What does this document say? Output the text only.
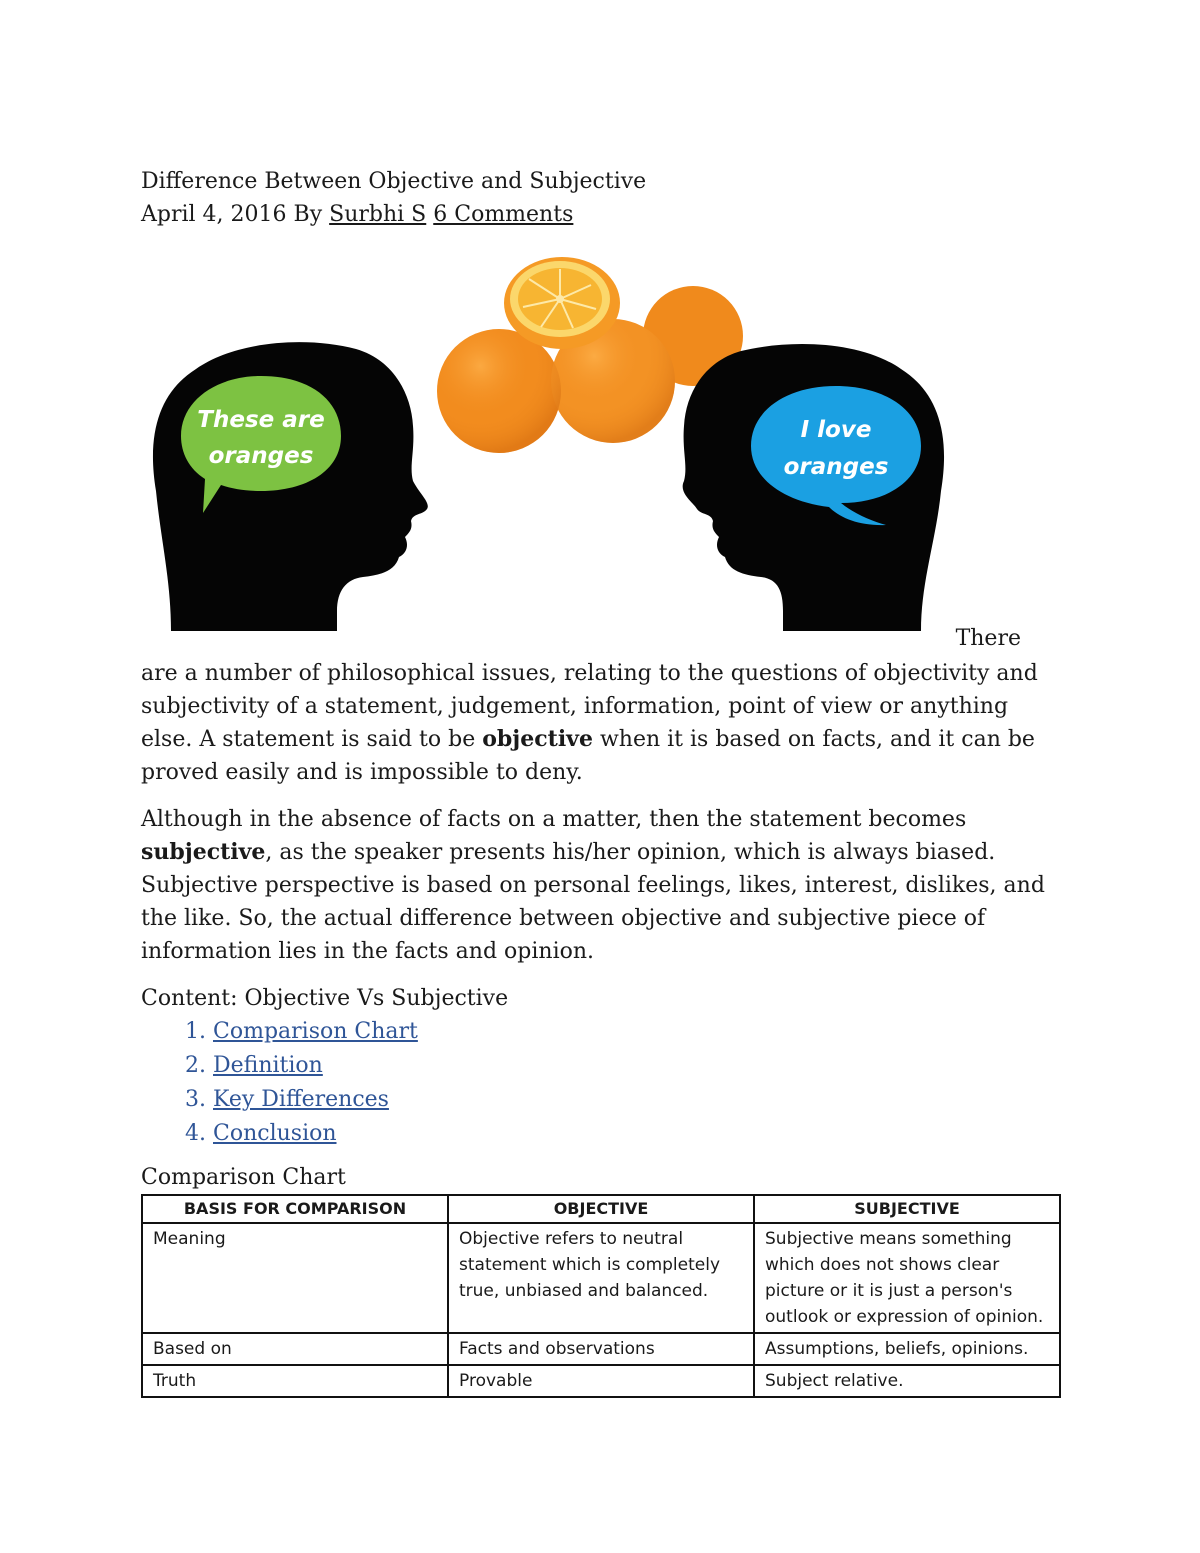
Difference Between Objective and Subjective

April 4, 2016 By Surbhi S 6 Comments

These are
oranges
I love
oranges
There

are a number of philosophical issues, relating to the questions of objectivity and subjectivity of a statement, judgement, information, point of view or anything else. A statement is said to be objective when it is based on facts, and it can be proved easily and is impossible to deny.

Although in the absence of facts on a matter, then the statement becomes subjective, as the speaker presents his/her opinion, which is always biased. Subjective perspective is based on personal feelings, likes, interest, dislikes, and the like. So, the actual difference between objective and subjective piece of information lies in the facts and opinion.

Content: Objective Vs Subjective

1. Comparison Chart
2. Definition
3. Key Differences
4. Conclusion

Comparison Chart

BASIS FOR COMPARISON	OBJECTIVE	SUBJECTIVE
Meaning	Objective refers to neutral statement which is completely true, unbiased and balanced.	Subjective means something which does not shows clear picture or it is just a person's outlook or expression of opinion.
Based on	Facts and observations	Assumptions, beliefs, opinions.
Truth	Provable	Subject relative.
